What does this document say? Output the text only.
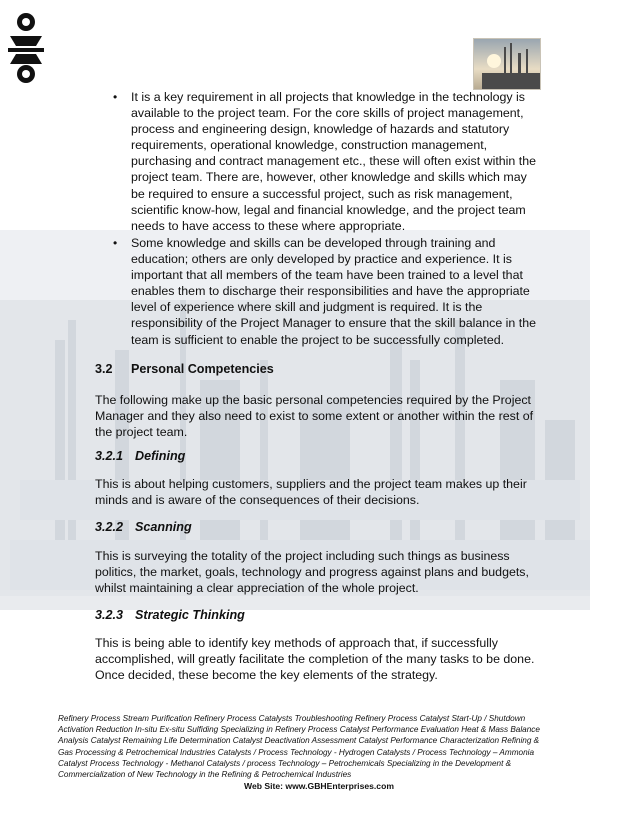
• It is a key requirement in all projects that knowledge in the technology is available to the project team. For the core skills of project management, process and engineering design, knowledge of hazards and statutory requirements, operational knowledge, construction management, purchasing and contract management etc., these will often exist within the project team. There are, however, other knowledge and skills which may be required to ensure a successful project, such as risk management, scientific know-how, legal and financial knowledge, and the project team needs to have access to these where appropriate.

• Some knowledge and skills can be developed through training and education; others are only developed by practice and experience. It is important that all members of the team have been trained to a level that enables them to discharge their responsibilities and have the appropriate level of experience where skill and judgment is required. It is the responsibility of the Project Manager to ensure that the skill balance in the team is sufficient to enable the project to be successfully completed.

3.2 Personal Competencies

The following make up the basic personal competencies required by the Project Manager and they also need to exist to some extent or another within the rest of the project team.

3.2.1 Defining

This is about helping customers, suppliers and the project team makes up their minds and is aware of the consequences of their decisions.

3.2.2 Scanning

This is surveying the totality of the project including such things as business politics, the market, goals, technology and progress against plans and budgets, whilst maintaining a clear appreciation of the whole project.

3.2.3 Strategic Thinking

This is being able to identify key methods of approach that, if successfully accomplished, will greatly facilitate the completion of the many tasks to be done. Once decided, these become the key elements of the strategy.

Refinery Process Stream Purification Refinery Process Catalysts Troubleshooting Refinery Process Catalyst Start-Up / Shutdown Activation Reduction In-situ Ex-situ Sulfiding Specializing in Refinery Process Catalyst Performance Evaluation Heat & Mass Balance Analysis Catalyst Remaining Life Determination Catalyst Deactivation Assessment Catalyst Performance Characterization Refining & Gas Processing & Petrochemical Industries Catalysts / Process Technology - Hydrogen Catalysts / Process Technology – Ammonia Catalyst Process Technology - Methanol Catalysts / process Technology – Petrochemicals Specializing in the Development & Commercialization of New Technology in the Refining & Petrochemical Industries

Web Site: www.GBHEnterprises.com
